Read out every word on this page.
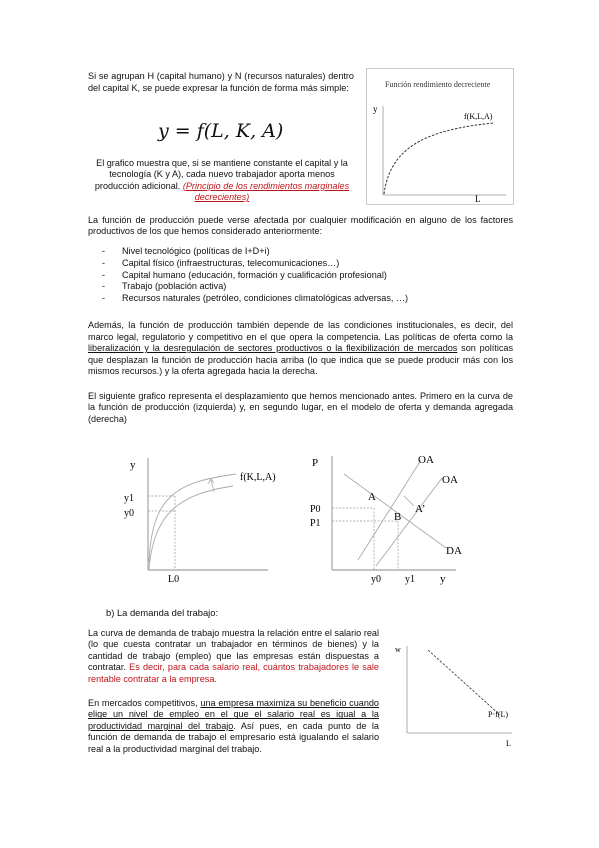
Si se agrupan H (capital humano) y N (recursos naturales) dentro del capital K, se puede expresar la función de forma más simple:
y = f(L, K, A)
El grafico muestra que, si se mantiene constante el capital y la tecnología (K y A), cada nuevo trabajador aporta menos producción adicional. (Principio de los rendimientos marginales decrecientes)
Función rendimiento decreciente
y
L
f(K,L,A)
La función de producción puede verse afectada por cualquier modificación en alguno de los factores productivos de los que hemos considerado anteriormente:
- Nivel tecnológico (políticas de I+D+i)
- Capital físico (infraestructuras, telecomunicaciones…)
- Capital humano (educación, formación y cualificación profesional)
- Trabajo (población activa)
- Recursos naturales (petróleo, condiciones climatológicas adversas, …)
Además, la función de producción también depende de las condiciones institucionales, es decir, del marco legal, regulatorio y competitivo en el que opera la competencia. Las políticas de oferta como la liberalización y la desregulación de sectores productivos o la flexibilización de mercados son políticas que desplazan la función de producción hacia arriba (lo que indica que se puede producir más con los mismos recursos.) y la oferta agregada hacia la derecha.
El siguiente grafico representa el desplazamiento que hemos mencionado antes. Primero en la curva de la función de producción (izquierda) y, en segundo lugar, en el modelo de oferta y demanda agregada (derecha)
y
y1
y0
L0
f(K,L,A)
P
P0
P1
y0 y1 y
A
B
A’
OA
OA
DA
b) La demanda del trabajo:
La curva de demanda de trabajo muestra la relación entre el salario real (lo que cuesta contratar un trabajador en términos de bienes) y la cantidad de trabajo (empleo) que las empresas están dispuestas a contratar. Es decir, para cada salario real, cuántos trabajadores le sale rentable contratar a la empresa.
En mercados competitivos, una empresa maximiza su beneficio cuando elige un nivel de empleo en el que el salario real es igual a la productividad marginal del trabajo. Así pues, en cada punto de la función de demanda de trabajo el empresario está igualando el salario real a la productividad marginal del trabajo.
w
L
P·f(L)
